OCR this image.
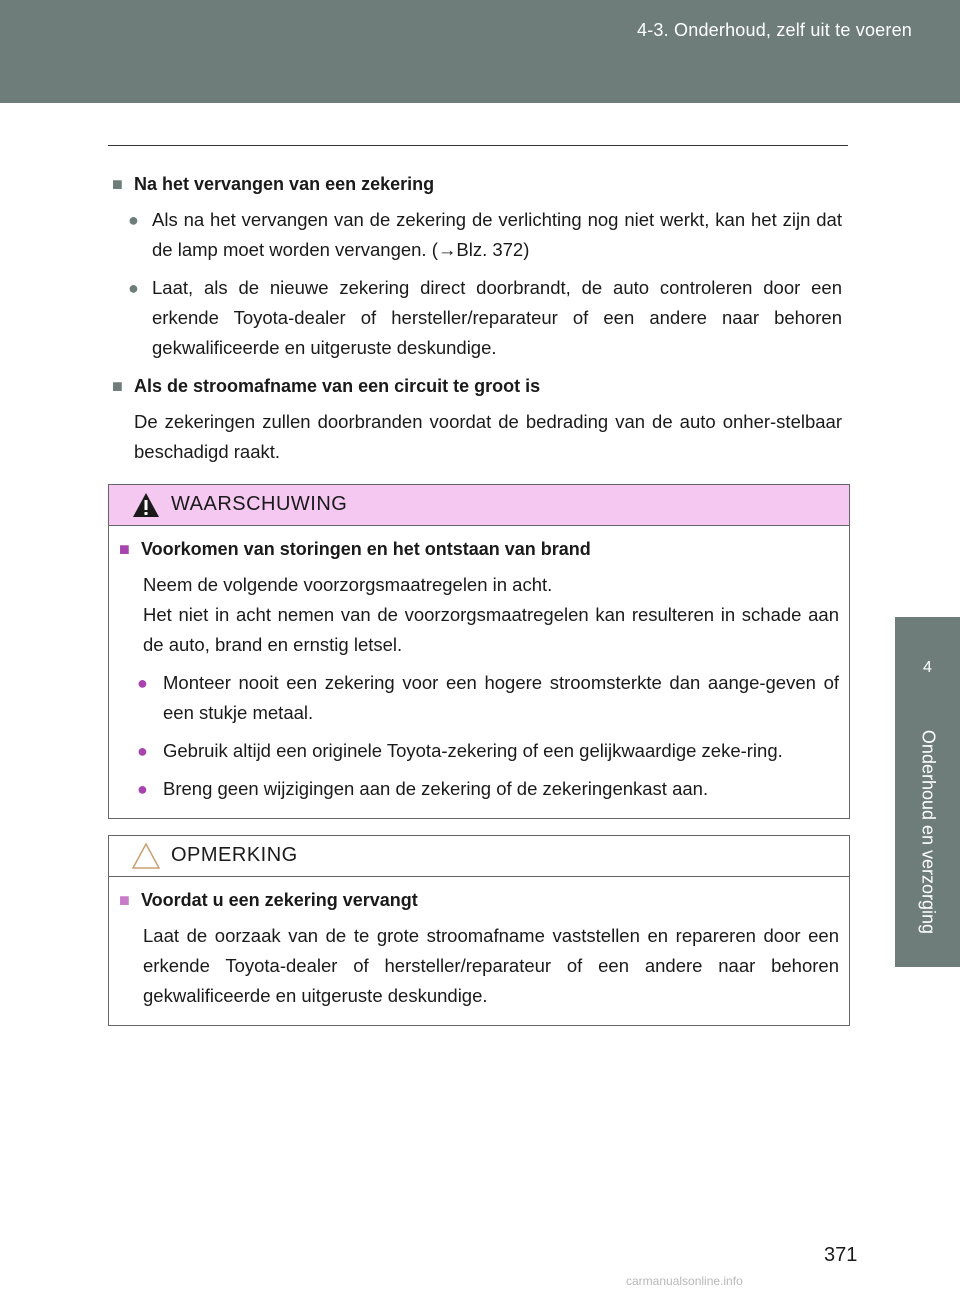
4-3. Onderhoud, zelf uit te voeren
4
Onderhoud en verzorging
■ Na het vervangen van een zekering
● Als na het vervangen van de zekering de verlichting nog niet werkt, kan het zijn dat de lamp moet worden vervangen. (→Blz. 372)
● Laat, als de nieuwe zekering direct doorbrandt, de auto controleren door een erkende Toyota-dealer of hersteller/reparateur of een andere naar behoren gekwalificeerde en uitgeruste deskundige.
■ Als de stroomafname van een circuit te groot is
De zekeringen zullen doorbranden voordat de bedrading van de auto onher-stelbaar beschadigd raakt.
WAARSCHUWING
■ Voorkomen van storingen en het ontstaan van brand
Neem de volgende voorzorgsmaatregelen in acht.
Het niet in acht nemen van de voorzorgsmaatregelen kan resulteren in schade aan de auto, brand en ernstig letsel.
● Monteer nooit een zekering voor een hogere stroomsterkte dan aange-geven of een stukje metaal.
● Gebruik altijd een originele Toyota-zekering of een gelijkwaardige zeke-ring.
● Breng geen wijzigingen aan de zekering of de zekeringenkast aan.
OPMERKING
■ Voordat u een zekering vervangt
Laat de oorzaak van de te grote stroomafname vaststellen en repareren door een erkende Toyota-dealer of hersteller/reparateur of een andere naar behoren gekwalificeerde en uitgeruste deskundige.
371
carmanualsonline.info
